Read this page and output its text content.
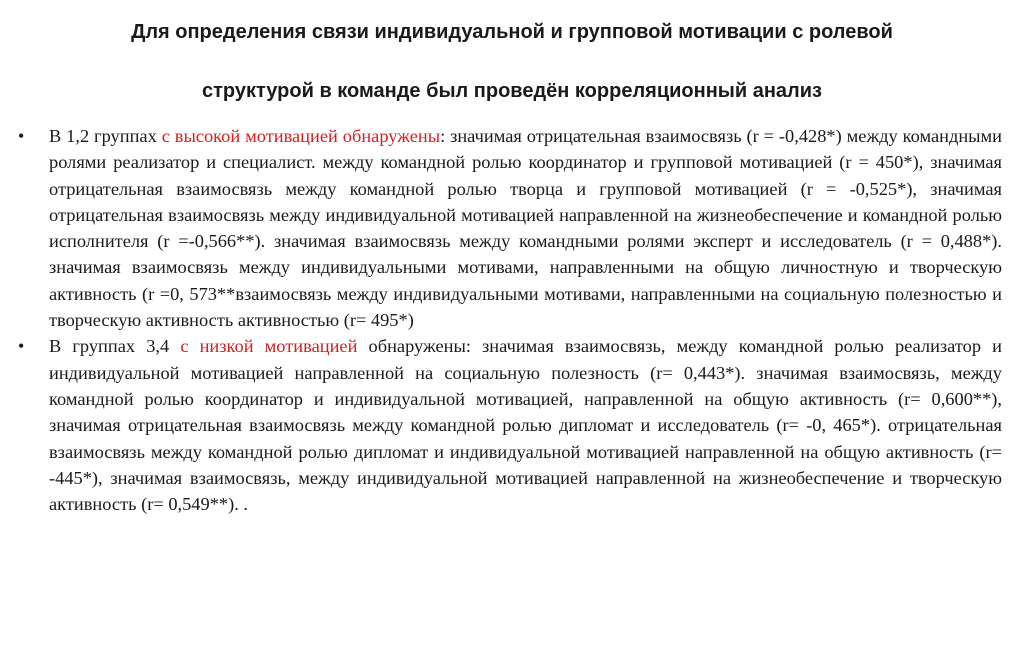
Для определения связи индивидуальной и групповой мотивации с ролевой
структурой в команде был проведён корреляционный анализ
• В 1,2 группах с высокой мотивацией обнаружены: значимая отрицательная взаимосвязь (r = -0,428*) между командными ролями реализатор и специалист. между командной ролью координатор и групповой мотивацией (r = 450*), значимая отрицательная взаимосвязь между командной ролью творца и групповой мотивацией (r = -0,525*), значимая отрицательная взаимосвязь между индивидуальной мотивацией направленной на жизнеобеспечение и командной ролью исполнителя (r =-0,566**). значимая взаимосвязь между командными ролями эксперт и исследователь (r = 0,488*). значимая взаимосвязь между индивидуальными мотивами, направленными на общую личностную и творческую активность (r =0, 573**взаимосвязь между индивидуальными мотивами, направленными на социальную полезностью и творческую активность активностью (r= 495*)
• В группах 3,4 с низкой мотивацией обнаружены: значимая взаимосвязь, между командной ролью реализатор и индивидуальной мотивацией направленной на социальную полезность (r= 0,443*). значимая взаимосвязь, между командной ролью координатор и индивидуальной мотивацией, направленной на общую активность (r= 0,600**), значимая отрицательная взаимосвязь между командной ролью дипломат и исследователь (r= -0, 465*). отрицательная взаимосвязь между командной ролью дипломат и индивидуальной мотивацией направленной на общую активность (r= -445*), значимая взаимосвязь, между индивидуальной мотивацией направленной на жизнеобеспечение и творческую активность (r= 0,549**). .
